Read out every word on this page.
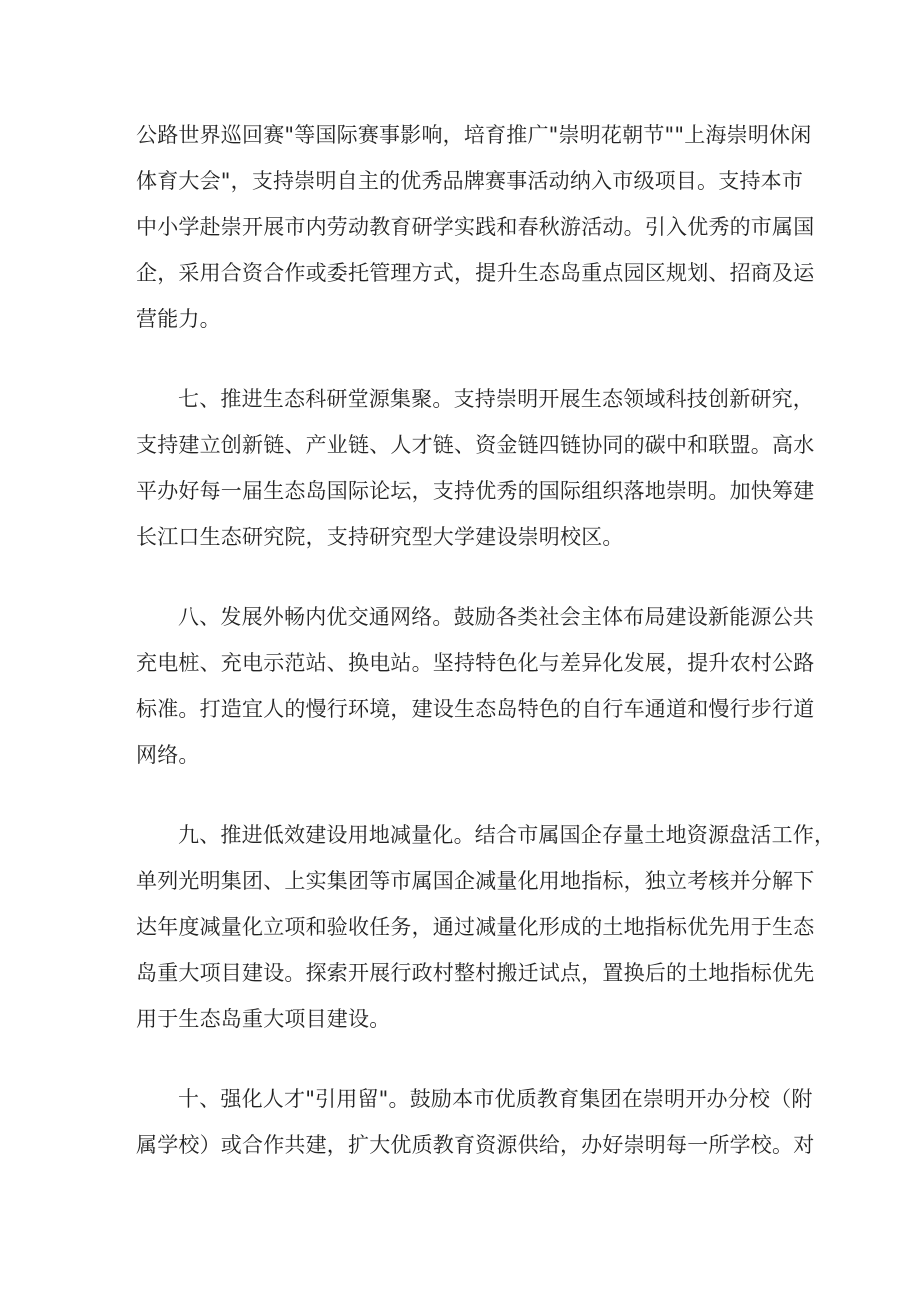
公路世界巡回赛"等国际赛事影响，培育推广"崇明花朝节""上海崇明休闲
体育大会"，支持崇明自主的优秀品牌赛事活动纳入市级项目。支持本市
中小学赴崇开展市内劳动教育研学实践和春秋游活动。引入优秀的市属国
企，采用合资合作或委托管理方式，提升生态岛重点园区规划、招商及运
营能力。

七、推进生态科研堂源集聚。支持崇明开展生态领域科技创新研究，
支持建立创新链、产业链、人才链、资金链四链协同的碳中和联盟。高水
平办好每一届生态岛国际论坛，支持优秀的国际组织落地崇明。加快筹建
长江口生态研究院，支持研究型大学建设崇明校区。

八、发展外畅内优交通网络。鼓励各类社会主体布局建设新能源公共
充电桩、充电示范站、换电站。坚持特色化与差异化发展，提升农村公路
标准。打造宜人的慢行环境，建设生态岛特色的自行车通道和慢行步行道
网络。

九、推进低效建设用地减量化。结合市属国企存量土地资源盘活工作，
单列光明集团、上实集团等市属国企减量化用地指标，独立考核并分解下
达年度减量化立项和验收任务，通过减量化形成的土地指标优先用于生态
岛重大项目建设。探索开展行政村整村搬迁试点，置换后的土地指标优先
用于生态岛重大项目建设。

十、强化人才"引用留"。鼓励本市优质教育集团在崇明开办分校（附
属学校）或合作共建，扩大优质教育资源供给，办好崇明每一所学校。对
